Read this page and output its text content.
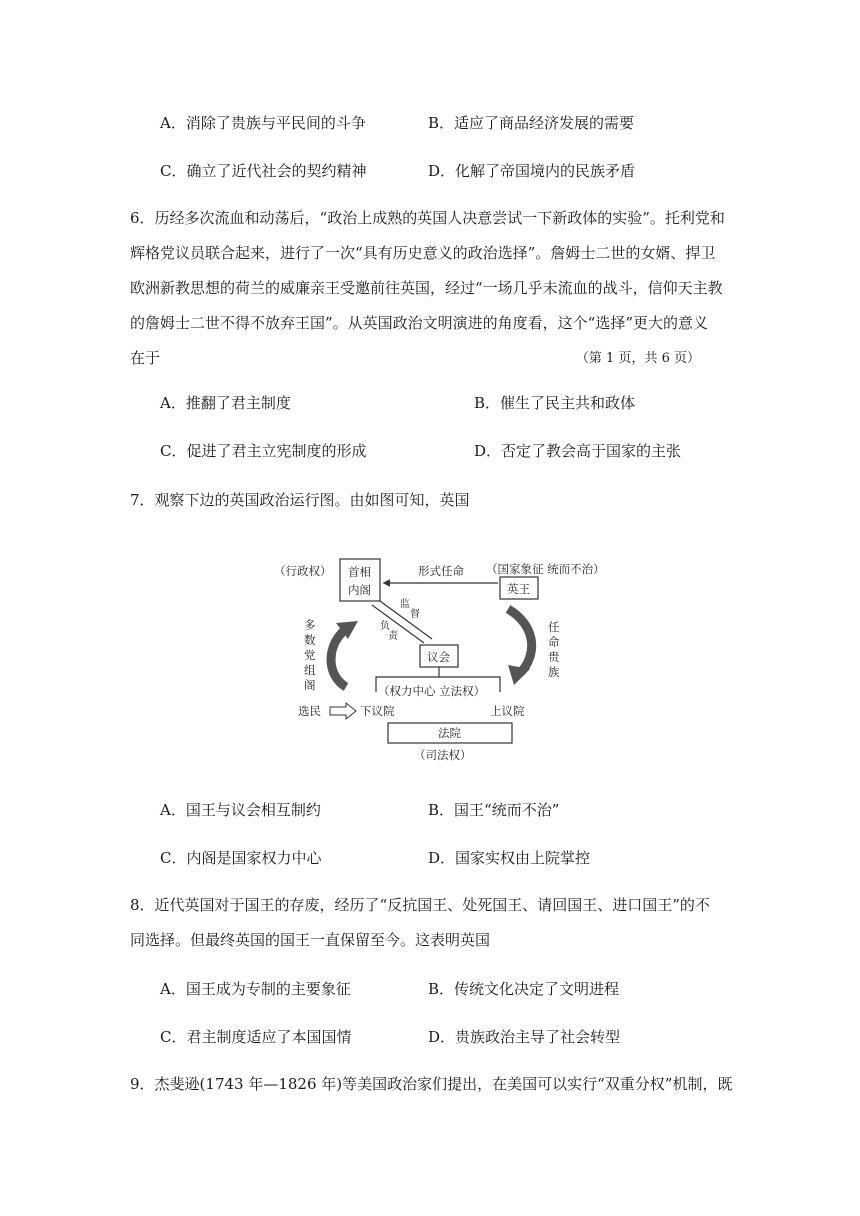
A．消除了贵族与平民间的斗争	B．适应了商品经济发展的需要
C．确立了近代社会的契约精神	D．化解了帝国境内的民族矛盾

6．历经多次流血和动荡后，“政治上成熟的英国人决意尝试一下新政体的实验”。托利党和

辉格党议员联合起来，进行了一次“具有历史意义的政治选择”。詹姆士二世的女婿、捍卫

欧洲新教思想的荷兰的威廉亲王受邀前往英国，经过“一场几乎未流血的战斗，信仰天主教

的詹姆士二世不得不放弃王国”。从英国政治文明演进的角度看，这个“选择”更大的意义

在于	（第 1 页，共 6 页）

A．推翻了君主制度	B．催生了民主共和政体
C．促进了君主立宪制度的形成	D．否定了教会高于国家的主张
7．观察下边的英国政治运行图。由如图可知，英国
（行政权） 首相
内阁
形式任命 （国家象征 统而不治）
英王
多
数
党
组
阁
任
命
贵
族
负
责
监
督
议会
（权力中心 立法权）
选民	下议院	上议院
法院
（司法权）
A．国王与议会相互制约	B．国王“统而不治”
C．内阁是国家权力中心	D．国家实权由上院掌控

8．近代英国对于国王的存废，经历了“反抗国王、处死国王、请回国王、进口国王”的不

同选择。但最终英国的国王一直保留至今。这表明英国

A．国王成为专制的主要象征	B．传统文化决定了文明进程
C．君主制度适应了本国国情	D．贵族政治主导了社会转型

9．杰斐逊(1743 年—1826 年)等美国政治家们提出，在美国可以实行“双重分权”机制，既
